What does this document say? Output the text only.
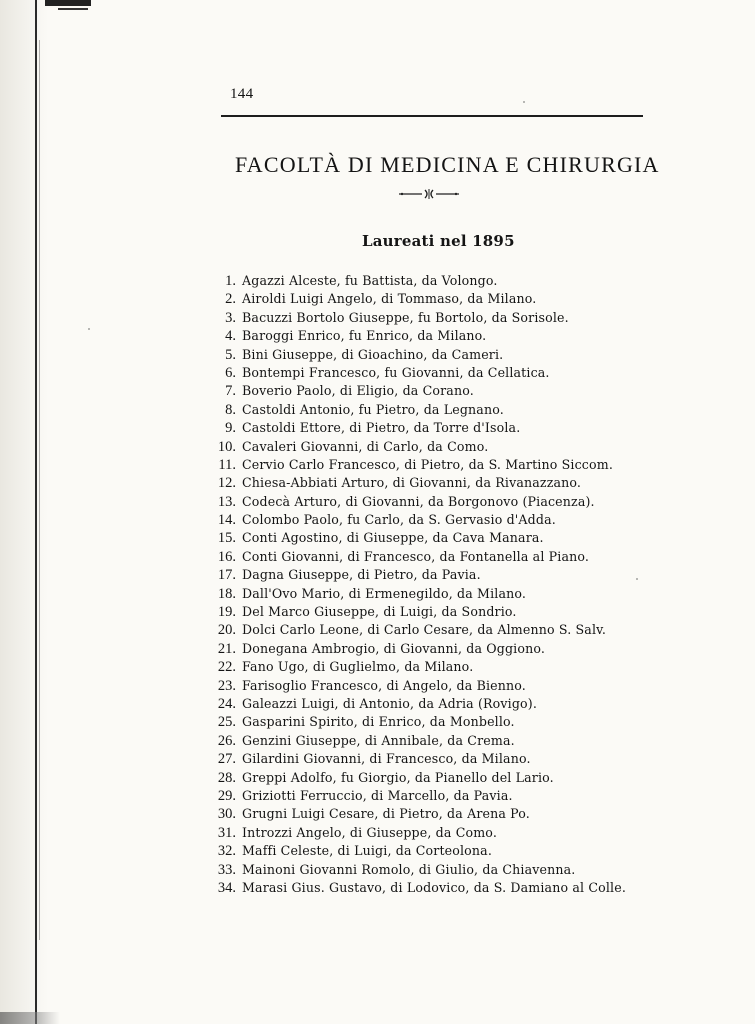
144
FACOLTÀ DI MEDICINA E CHIRURGIA
Laureati nel 1895
1. Agazzi Alceste, fu Battista, da Volongo.
2. Airoldi Luigi Angelo, di Tommaso, da Milano.
3. Bacuzzi Bortolo Giuseppe, fu Bortolo, da Sorisole.
4. Baroggi Enrico, fu Enrico, da Milano.
5. Bini Giuseppe, di Gioachino, da Cameri.
6. Bontempi Francesco, fu Giovanni, da Cellatica.
7. Boverio Paolo, di Eligio, da Corano.
8. Castoldi Antonio, fu Pietro, da Legnano.
9. Castoldi Ettore, di Pietro, da Torre d'Isola.
10. Cavaleri Giovanni, di Carlo, da Como.
11. Cervio Carlo Francesco, di Pietro, da S. Martino Siccom.
12. Chiesa-Abbiati Arturo, di Giovanni, da Rivanazzano.
13. Codecà Arturo, di Giovanni, da Borgonovo (Piacenza).
14. Colombo Paolo, fu Carlo, da S. Gervasio d'Adda.
15. Conti Agostino, di Giuseppe, da Cava Manara.
16. Conti Giovanni, di Francesco, da Fontanella al Piano.
17. Dagna Giuseppe, di Pietro, da Pavia.
18. Dall'Ovo Mario, di Ermenegildo, da Milano.
19. Del Marco Giuseppe, di Luigi, da Sondrio.
20. Dolci Carlo Leone, di Carlo Cesare, da Almenno S. Salv.
21. Donegana Ambrogio, di Giovanni, da Oggiono.
22. Fano Ugo, di Guglielmo, da Milano.
23. Farisoglio Francesco, di Angelo, da Bienno.
24. Galeazzi Luigi, di Antonio, da Adria (Rovigo).
25. Gasparini Spirito, di Enrico, da Monbello.
26. Genzini Giuseppe, di Annibale, da Crema.
27. Gilardini Giovanni, di Francesco, da Milano.
28. Greppi Adolfo, fu Giorgio, da Pianello del Lario.
29. Griziotti Ferruccio, di Marcello, da Pavia.
30. Grugni Luigi Cesare, di Pietro, da Arena Po.
31. Introzzi Angelo, di Giuseppe, da Como.
32. Maffi Celeste, di Luigi, da Corteolona.
33. Mainoni Giovanni Romolo, di Giulio, da Chiavenna.
34. Marasi Gius. Gustavo, di Lodovico, da S. Damiano al Colle.
